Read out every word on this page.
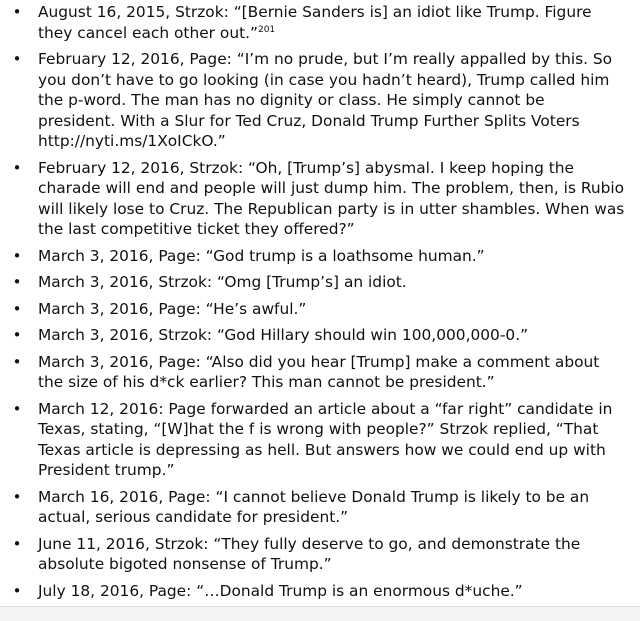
• August 16, 2015, Strzok: “[Bernie Sanders is] an idiot like Trump. Figure they cancel each other out.”$^{201}$
• February 12, 2016, Page: “I’m no prude, but I’m really appalled by this. So you don’t have to go looking (in case you hadn’t heard), Trump called him the p-word. The man has no dignity or class. He simply cannot be president. With a Slur for Ted Cruz, Donald Trump Further Splits Voters http://nyti.ms/1XoICkO.”
• February 12, 2016, Strzok: “Oh, [Trump’s] abysmal. I keep hoping the charade will end and people will just dump him. The problem, then, is Rubio will likely lose to Cruz. The Republican party is in utter shambles. When was the last competitive ticket they offered?”
• March 3, 2016, Page: “God trump is a loathsome human.”
• March 3, 2016, Strzok: “Omg [Trump’s] an idiot.
• March 3, 2016, Page: “He’s awful.”
• March 3, 2016, Strzok: “God Hillary should win 100,000,000-0.”
• March 3, 2016, Page: “Also did you hear [Trump] make a comment about the size of his d*ck earlier? This man cannot be president.”
• March 12, 2016: Page forwarded an article about a “far right” candidate in Texas, stating, “[W]hat the f is wrong with people?” Strzok replied, “That Texas article is depressing as hell. But answers how we could end up with President trump.”
• March 16, 2016, Page: “I cannot believe Donald Trump is likely to be an actual, serious candidate for president.”
• June 11, 2016, Strzok: “They fully deserve to go, and demonstrate the absolute bigoted nonsense of Trump.”
• July 18, 2016, Page: “…Donald Trump is an enormous d*uche.”
